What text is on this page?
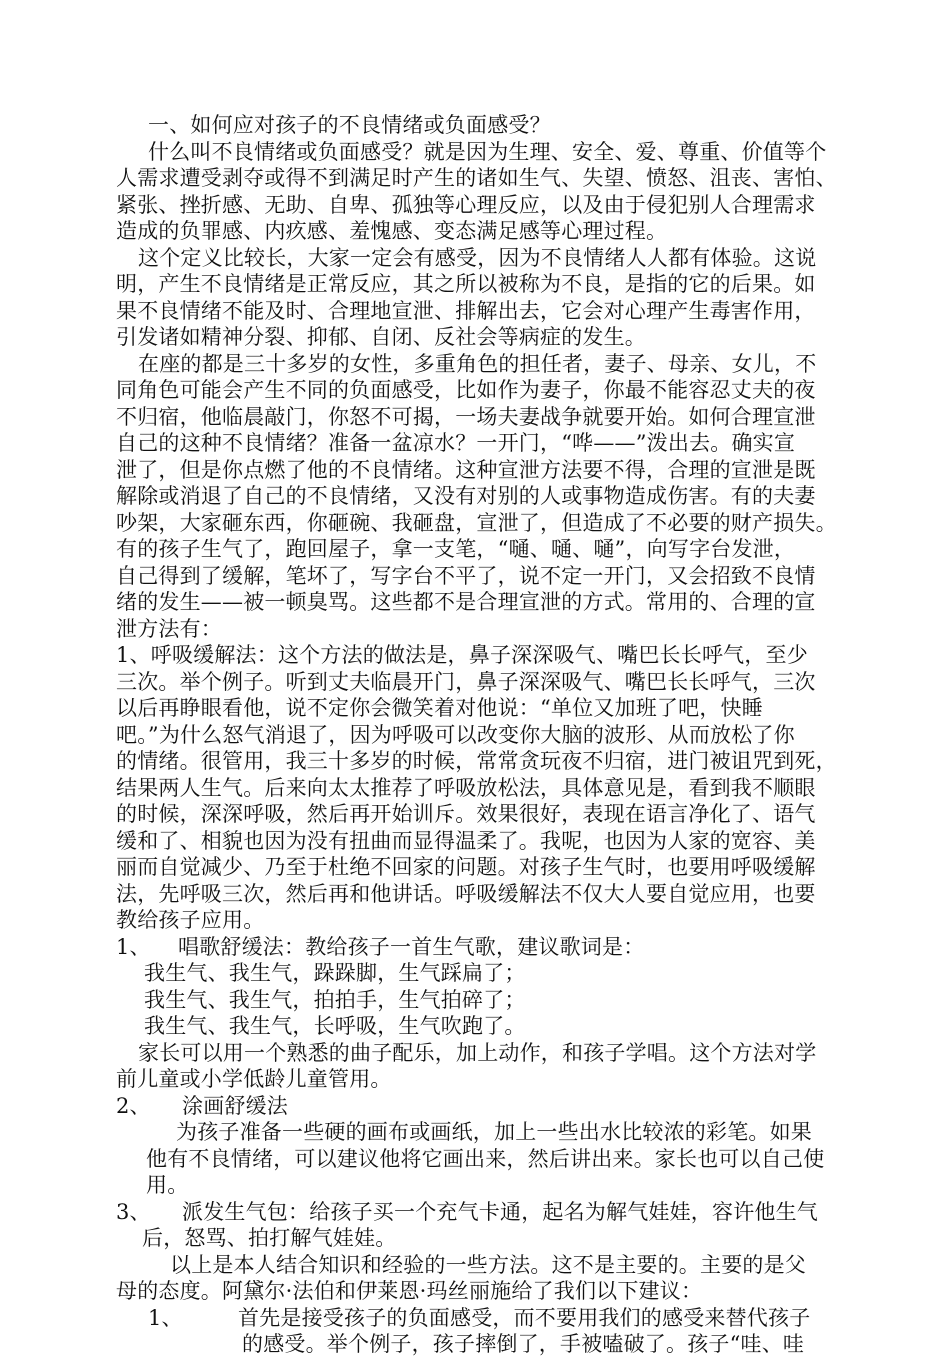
一、如何应对孩子的不良情绪或负面感受？
什么叫不良情绪或负面感受？就是因为生理、安全、爱、尊重、价值等个
人需求遭受剥夺或得不到满足时产生的诸如生气、失望、愤怒、沮丧、害怕、
紧张、挫折感、无助、自卑、孤独等心理反应，以及由于侵犯别人合理需求
造成的负罪感、内疚感、羞愧感、变态满足感等心理过程。
这个定义比较长，大家一定会有感受，因为不良情绪人人都有体验。这说
明，产生不良情绪是正常反应，其之所以被称为不良，是指的它的后果。如
果不良情绪不能及时、合理地宣泄、排解出去，它会对心理产生毒害作用，
引发诸如精神分裂、抑郁、自闭、反社会等病症的发生。
在座的都是三十多岁的女性，多重角色的担任者，妻子、母亲、女儿，不
同角色可能会产生不同的负面感受，比如作为妻子，你最不能容忍丈夫的夜
不归宿，他临晨敲门，你怒不可揭，一场夫妻战争就要开始。如何合理宣泄
自己的这种不良情绪？准备一盆凉水？一开门，“哗——”泼出去。确实宣
泄了，但是你点燃了他的不良情绪。这种宣泄方法要不得，合理的宣泄是既
解除或消退了自己的不良情绪，又没有对别的人或事物造成伤害。有的夫妻
吵架，大家砸东西，你砸碗、我砸盘，宣泄了，但造成了不必要的财产损失。
有的孩子生气了，跑回屋子，拿一支笔，“嗵、嗵、嗵”，向写字台发泄，
自己得到了缓解，笔坏了，写字台不平了，说不定一开门，又会招致不良情
绪的发生——被一顿臭骂。这些都不是合理宣泄的方式。常用的、合理的宣
泄方法有：
1、呼吸缓解法：这个方法的做法是，鼻子深深吸气、嘴巴长长呼气，至少
三次。举个例子。听到丈夫临晨开门，鼻子深深吸气、嘴巴长长呼气，三次
以后再睁眼看他，说不定你会微笑着对他说：“单位又加班了吧，快睡
吧。”为什么怒气消退了，因为呼吸可以改变你大脑的波形、从而放松了你
的情绪。很管用，我三十多岁的时候，常常贪玩夜不归宿，进门被诅咒到死，
结果两人生气。后来向太太推荐了呼吸放松法，具体意见是，看到我不顺眼
的时候，深深呼吸，然后再开始训斥。效果很好，表现在语言净化了、语气
缓和了、相貌也因为没有扭曲而显得温柔了。我呢，也因为人家的宽容、美
丽而自觉减少、乃至于杜绝不回家的问题。对孩子生气时，也要用呼吸缓解
法，先呼吸三次，然后再和他讲话。呼吸缓解法不仅大人要自觉应用，也要
教给孩子应用。
1、 唱歌舒缓法：教给孩子一首生气歌，建议歌词是：
我生气、我生气，跺跺脚，生气踩扁了；
我生气、我生气，拍拍手，生气拍碎了；
我生气、我生气，长呼吸，生气吹跑了。
家长可以用一个熟悉的曲子配乐，加上动作，和孩子学唱。这个方法对学
前儿童或小学低龄儿童管用。
2、 涂画舒缓法
为孩子准备一些硬的画布或画纸，加上一些出水比较浓的彩笔。如果
他有不良情绪，可以建议他将它画出来，然后讲出来。家长也可以自己使
用。
3、 派发生气包：给孩子买一个充气卡通，起名为解气娃娃，容许他生气
后，怒骂、拍打解气娃娃。
以上是本人结合知识和经验的一些方法。这不是主要的。主要的是父
母的态度。阿黛尔·法伯和伊莱恩·玛丝丽施给了我们以下建议：
1、	首先是接受孩子的负面感受，而不要用我们的感受来替代孩子
的感受。举个例子，孩子摔倒了，手被嗑破了。孩子“哇、哇
